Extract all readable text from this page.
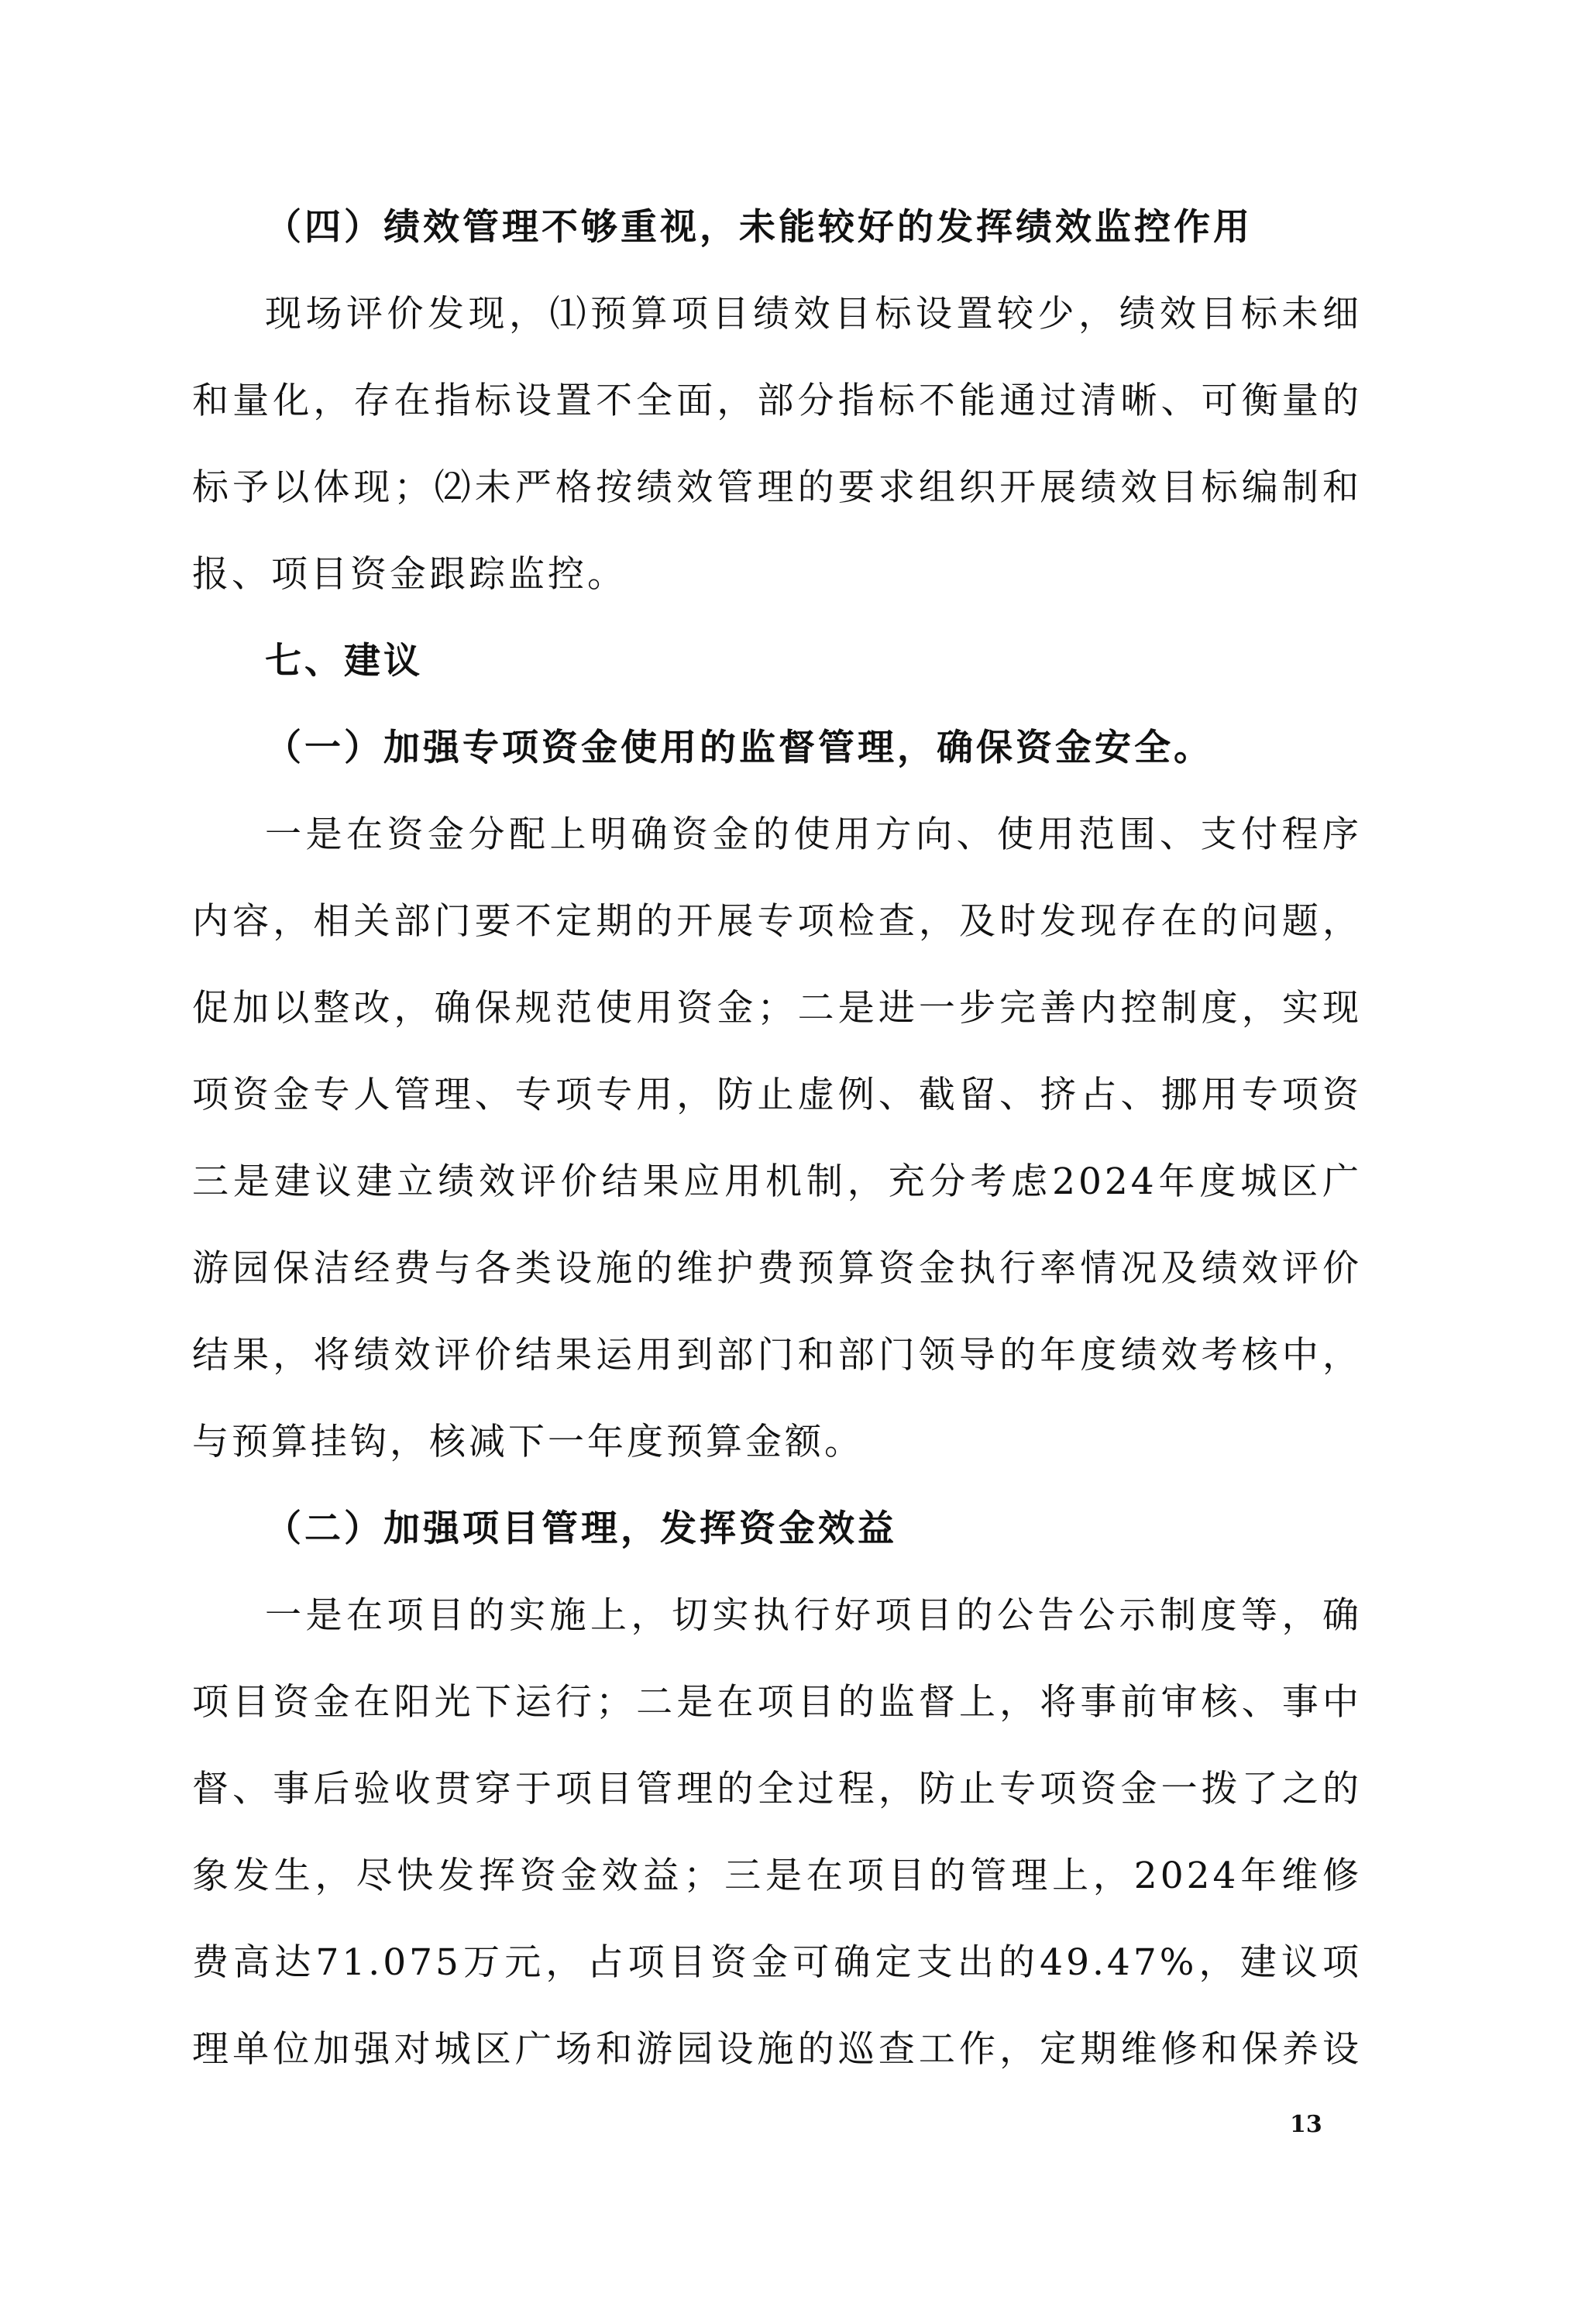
（四）绩效管理不够重视，未能较好的发挥绩效监控作用
现场评价发现，⑴预算项目绩效目标设置较少，绩效目标未细
和量化，存在指标设置不全面，部分指标不能通过清晰、可衡量的
标予以体现；⑵未严格按绩效管理的要求组织开展绩效目标编制和
报、项目资金跟踪监控。
七、建议
（一）加强专项资金使用的监督管理，确保资金安全。
一是在资金分配上明确资金的使用方向、使用范围、支付程序
内容，相关部门要不定期的开展专项检查，及时发现存在的问题，
促加以整改，确保规范使用资金；二是进一步完善内控制度，实现
项资金专人管理、专项专用，防止虚例、截留、挤占、挪用专项资
三是建议建立绩效评价结果应用机制，充分考虑2024年度城区广
游园保洁经费与各类设施的维护费预算资金执行率情况及绩效评价
结果，将绩效评价结果运用到部门和部门领导的年度绩效考核中，
与预算挂钩，核减下一年度预算金额。
（二）加强项目管理，发挥资金效益
一是在项目的实施上，切实执行好项目的公告公示制度等，确
项目资金在阳光下运行；二是在项目的监督上，将事前审核、事中
督、事后验收贯穿于项目管理的全过程，防止专项资金一拨了之的
象发生，尽快发挥资金效益；三是在项目的管理上，2024年维修
费高达71.075万元，占项目资金可确定支出的49.47%，建议项
理单位加强对城区广场和游园设施的巡查工作，定期维修和保养设
13
